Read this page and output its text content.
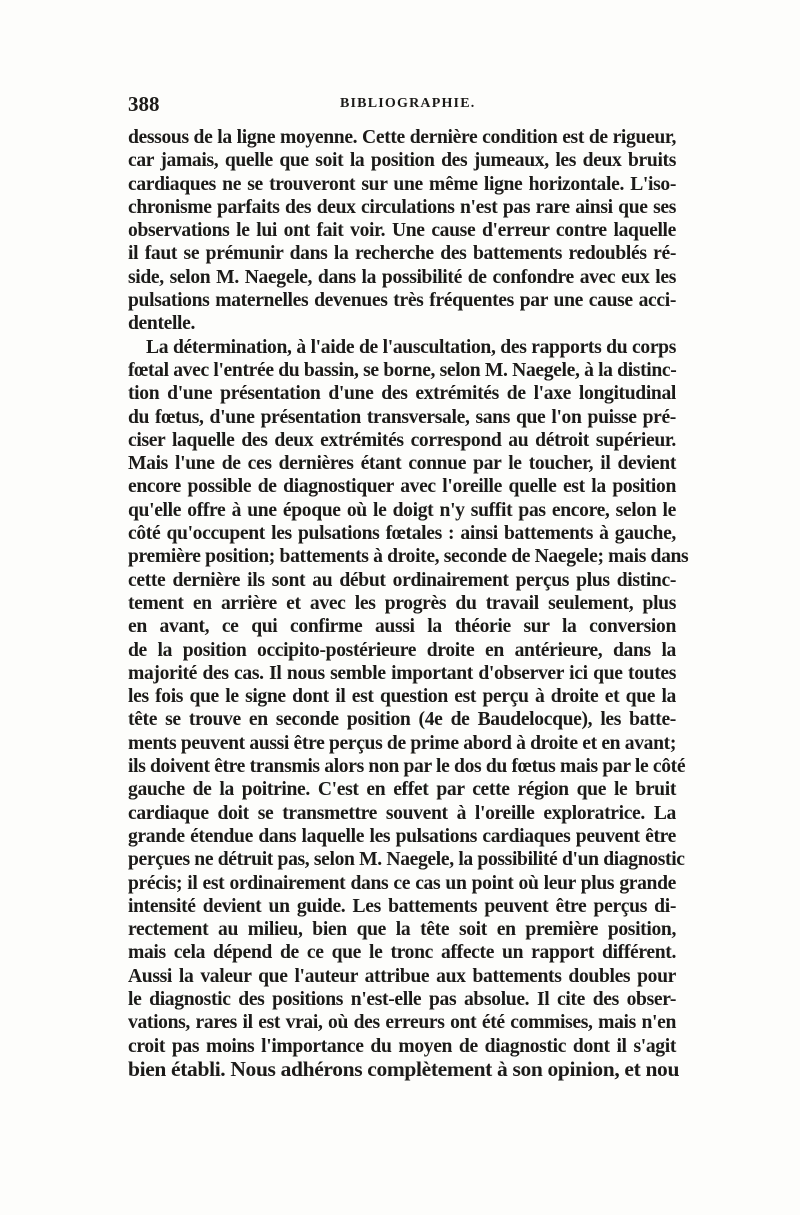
388	BIBLIOGRAPHIE.
dessous de la ligne moyenne. Cette dernière condition est de rigueur,
car jamais, quelle que soit la position des jumeaux, les deux bruits
cardiaques ne se trouveront sur une même ligne horizontale. L'iso-
chronisme parfaits des deux circulations n'est pas rare ainsi que ses
observations le lui ont fait voir. Une cause d'erreur contre laquelle
il faut se prémunir dans la recherche des battements redoublés ré-
side, selon M. Naegele, dans la possibilité de confondre avec eux les
pulsations maternelles devenues très fréquentes par une cause acci-
dentelle.
La détermination, à l'aide de l'auscultation, des rapports du corps
fœtal avec l'entrée du bassin, se borne, selon M. Naegele, à la distinc-
tion d'une présentation d'une des extrémités de l'axe longitudinal
du fœtus, d'une présentation transversale, sans que l'on puisse pré-
ciser laquelle des deux extrémités correspond au détroit supérieur.
Mais l'une de ces dernières étant connue par le toucher, il devient
encore possible de diagnostiquer avec l'oreille quelle est la position
qu'elle offre à une époque où le doigt n'y suffit pas encore, selon le
côté qu'occupent les pulsations fœtales : ainsi battements à gauche,
première position; battements à droite, seconde de Naegele; mais dans
cette dernière ils sont au début ordinairement perçus plus distinc-
tement en arrière et avec les progrès du travail seulement, plus
en avant, ce qui confirme aussi la théorie sur la conversion
de la position occipito-postérieure droite en antérieure, dans la
majorité des cas. Il nous semble important d'observer ici que toutes
les fois que le signe dont il est question est perçu à droite et que la
tête se trouve en seconde position (4e de Baudelocque), les batte-
ments peuvent aussi être perçus de prime abord à droite et en avant;
ils doivent être transmis alors non par le dos du fœtus mais par le côté
gauche de la poitrine. C'est en effet par cette région que le bruit
cardiaque doit se transmettre souvent à l'oreille exploratrice. La
grande étendue dans laquelle les pulsations cardiaques peuvent être
perçues ne détruit pas, selon M. Naegele, la possibilité d'un diagnostic
précis; il est ordinairement dans ce cas un point où leur plus grande
intensité devient un guide. Les battements peuvent être perçus di-
rectement au milieu, bien que la tête soit en première position,
mais cela dépend de ce que le tronc affecte un rapport différent.
Aussi la valeur que l'auteur attribue aux battements doubles pour
le diagnostic des positions n'est-elle pas absolue. Il cite des obser-
vations, rares il est vrai, où des erreurs ont été commises, mais n'en
croit pas moins l'importance du moyen de diagnostic dont il s'agit
bien établi. Nous adhérons complètement à son opinion, et nou
